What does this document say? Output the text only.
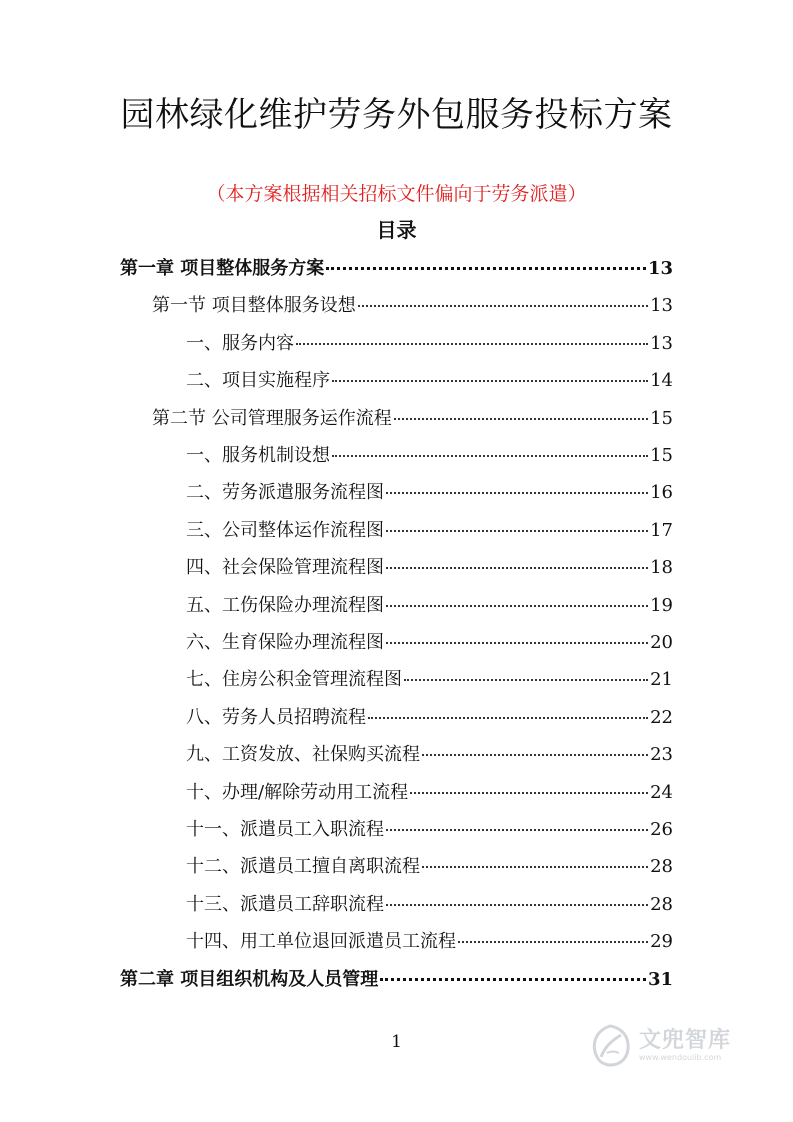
园林绿化维护劳务外包服务投标方案
（本方案根据相关招标文件偏向于劳务派遣）
目录
第一章 项目整体服务方案	13
第一节 项目整体服务设想	13
一、服务内容	13
二、项目实施程序	14
第二节 公司管理服务运作流程	15
一、服务机制设想	15
二、劳务派遣服务流程图	16
三、公司整体运作流程图	17
四、社会保险管理流程图	18
五、工伤保险办理流程图	19
六、生育保险办理流程图	20
七、住房公积金管理流程图	21
八、劳务人员招聘流程	22
九、工资发放、社保购买流程	23
十、办理/解除劳动用工流程	24
十一、派遣员工入职流程	26
十二、派遣员工擅自离职流程	28
十三、派遣员工辞职流程	28
十四、用工单位退回派遣员工流程	29
第二章 项目组织机构及人员管理	31
1	文兜智库
www.wendoulib.com
